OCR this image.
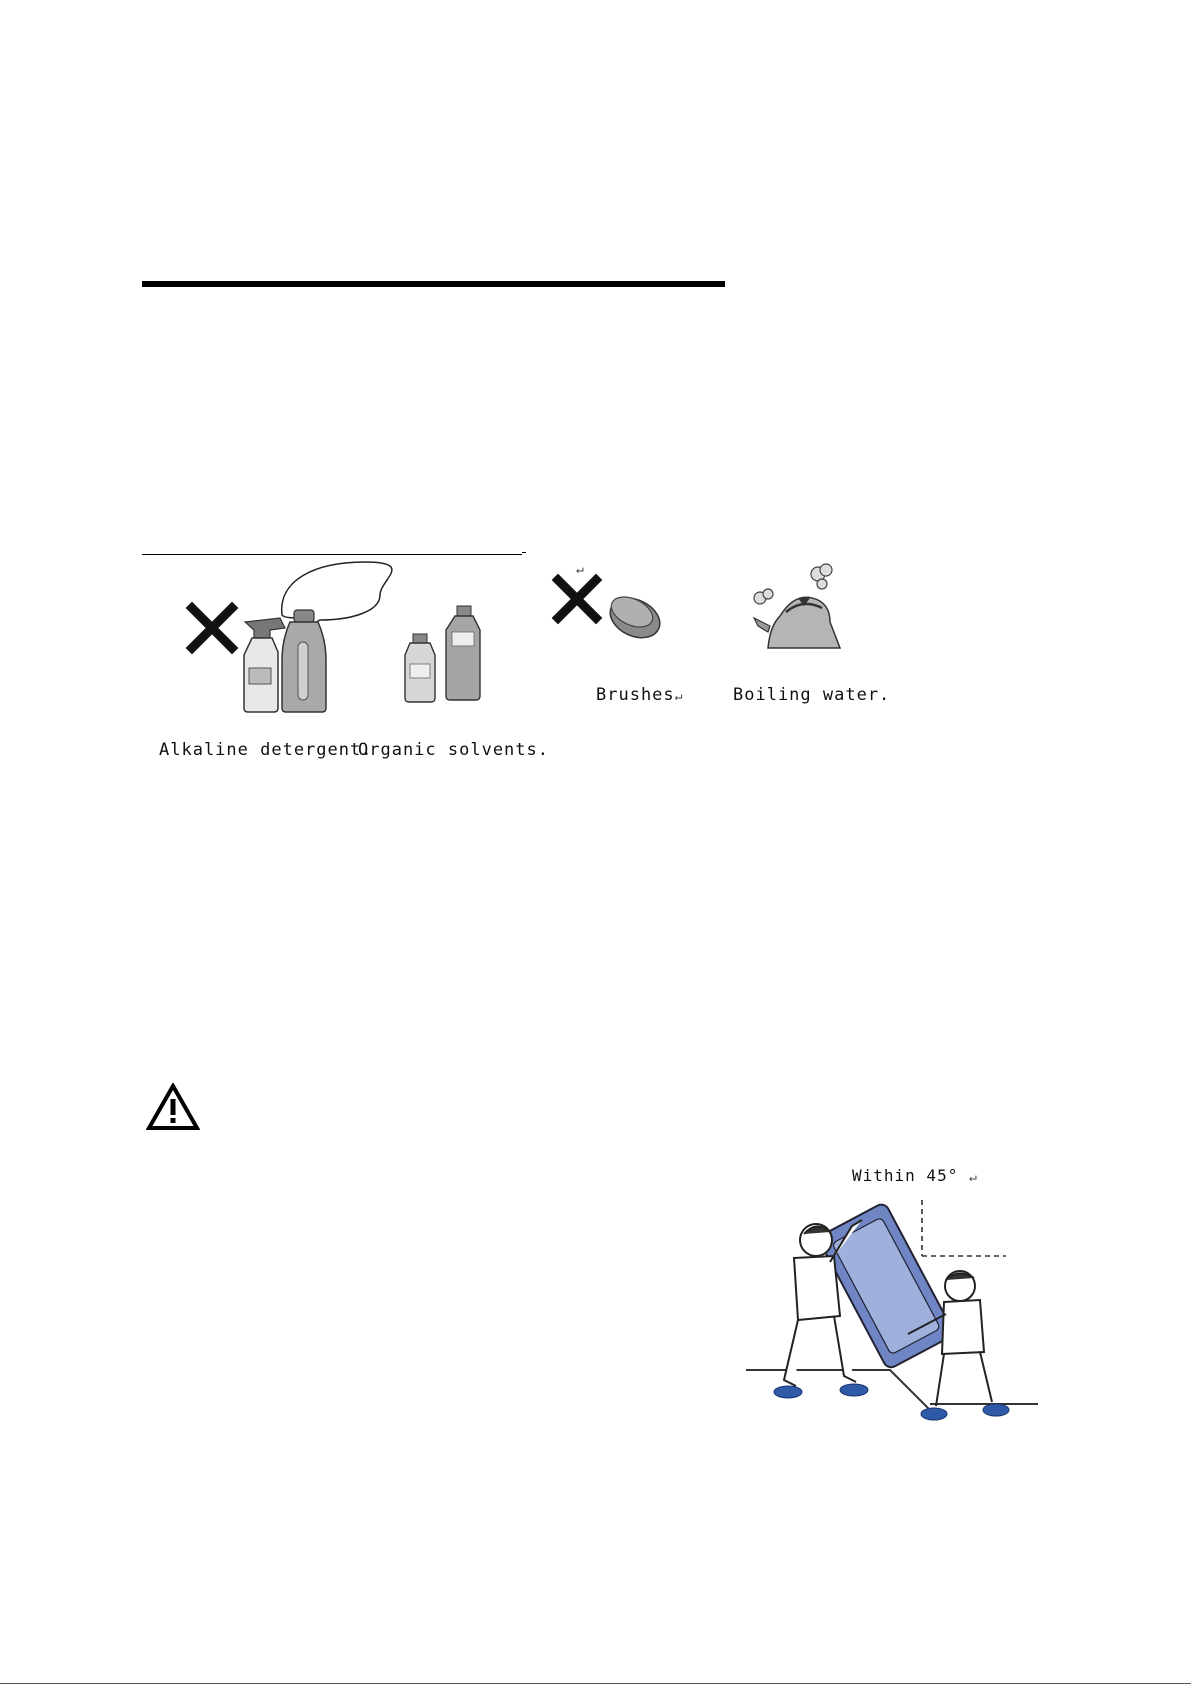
↵
Alkaline detergent.
Organic solvents.
Brushes↵	Boiling water.
Within 45° ↵
